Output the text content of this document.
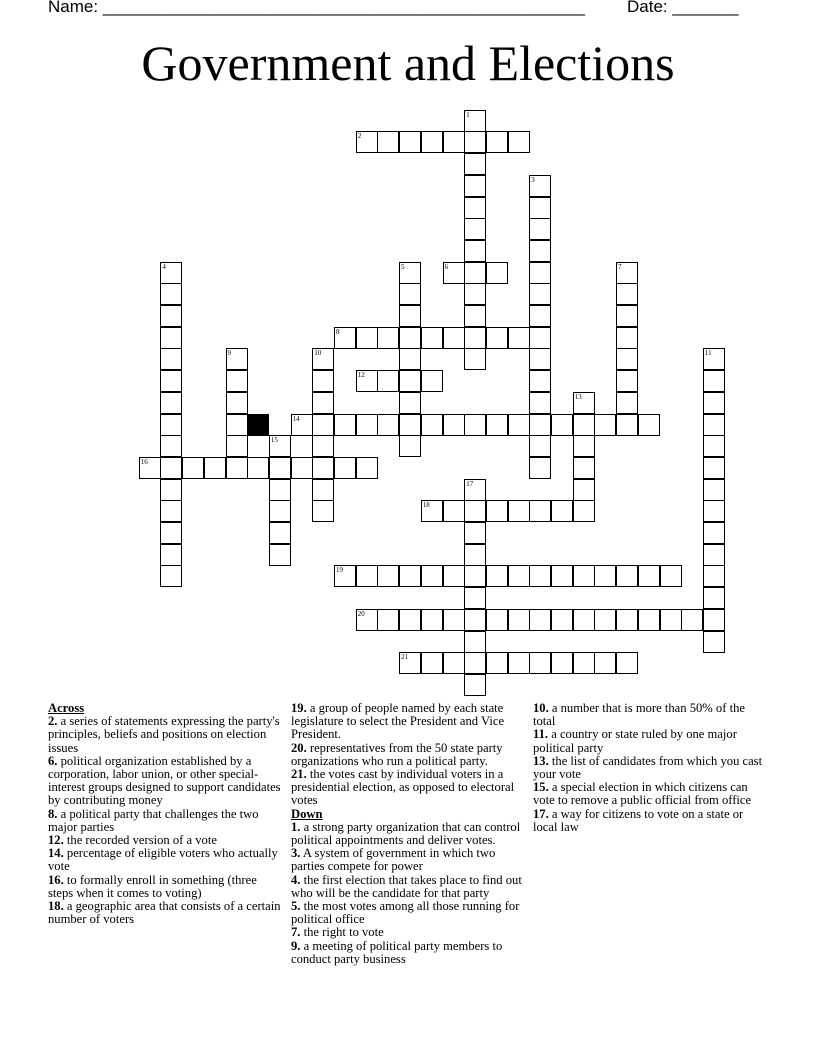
Name: ___________________________________________________ Date: _______
Government and Elections
1
2
3
4	5	6	7
8
9	10	11
12
13
14
15
16
17
18
19
20
21
Across

2. a series of statements expressing the party's principles, beliefs and positions on election issues

6. political organization established by a corporation, labor union, or other special-interest groups designed to support candidates by contributing money

8. a political party that challenges the two major parties

12. the recorded version of a vote

14. percentage of eligible voters who actually vote

16. to formally enroll in something (three steps when it comes to voting)

18. a geographic area that consists of a certain number of voters

19. a group of people named by each state legislature to select the President and Vice President.

20. representatives from the 50 state party organizations who run a political party.

21. the votes cast by individual voters in a presidential election, as opposed to electoral votes

Down

1. a strong party organization that can control political appointments and deliver votes.

3. A system of government in which two parties compete for power

4. the first election that takes place to find out who will be the candidate for that party

5. the most votes among all those running for political office

7. the right to vote

9. a meeting of political party members to conduct party business

10. a number that is more than 50% of the total

11. a country or state ruled by one major political party

13. the list of candidates from which you cast your vote

15. a special election in which citizens can vote to remove a public official from office

17. a way for citizens to vote on a state or local law
